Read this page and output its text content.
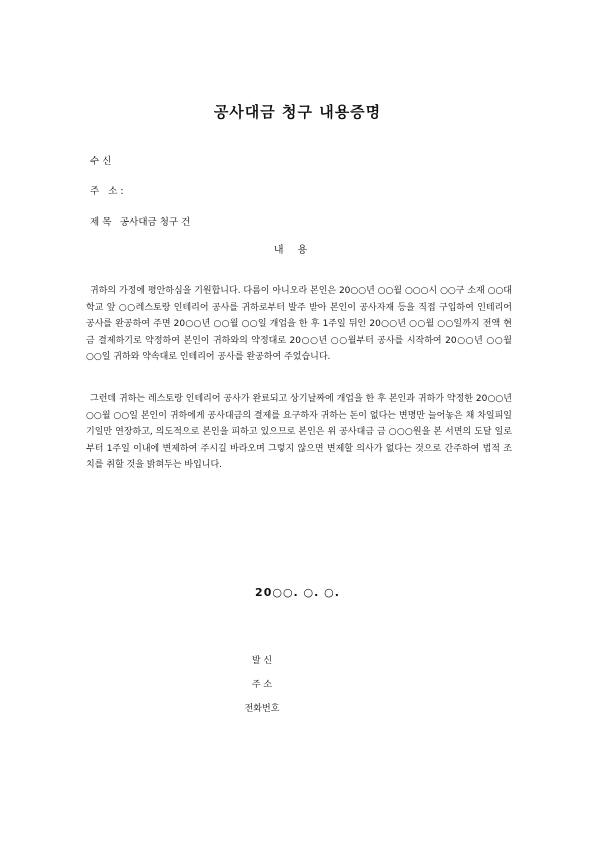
공사대금 청구 내용증명
수 신
주   소 :
제 목 공사대금 청구 건
내용

귀하의 가정에 평안하심을 기원합니다. 다름이 아니오라 본인은 20○○년 ○○월 ○○○시 ○○구 소재 ○○대학교 앞 ○○레스토랑 인테리어 공사를 귀하로부터 발주 받아 본인이 공사자재 등을 직접 구입하여 인테리어공사를 완공하여 주면 20○○년 ○○월 ○○일 개업을 한 후 1주일 뒤인 20○○년 ○○월 ○○일까지 전액 현금 결제하기로 약정하여 본인이 귀하와의 약정대로 20○○년 ○○월부터 공사를 시작하여 20○○년 ○○월 ○○일 귀하와 약속대로 인테리어 공사를 완공하여 주었습니다.

그런데 귀하는 레스토랑 인테리어 공사가 완료되고 상기날짜에 개업을 한 후 본인과 귀하가 약정한 20○○년 ○○월 ○○일 본인이 귀하에게 공사대금의 결제를 요구하자 귀하는 돈이 없다는 변명만 늘어놓은 채 차일피일 기일만 연장하고, 의도적으로 본인을 피하고 있으므로 본인은 위 공사대금 금 ○○○원을 본 서면의 도달 일로부터 1주일 이내에 변제하여 주시길 바라오며 그렇지 않으면 변제할 의사가 없다는 것으로 간주하여 법적 조치를 취할 것을 밝혀두는 바입니다.

20○○. ○. ○.
발 신
주 소
전화번호
